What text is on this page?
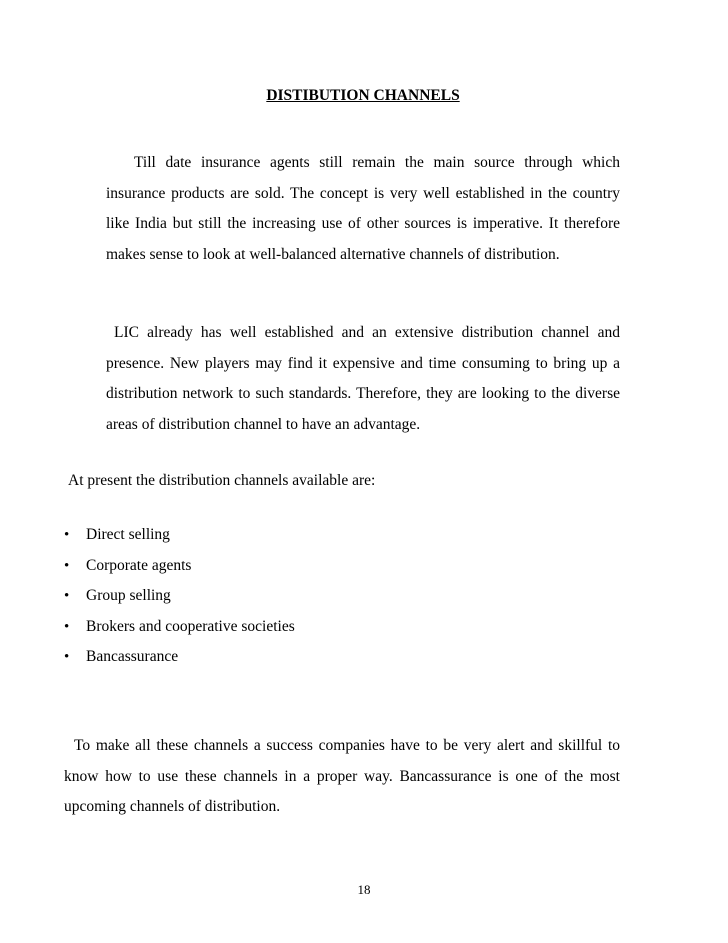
DISTIBUTION CHANNELS

Till date insurance agents still remain the main source through which insurance products are sold. The concept is very well established in the country like India but still the increasing use of other sources is imperative. It therefore makes sense to look at well-balanced alternative channels of distribution.

LIC already has well established and an extensive distribution channel and presence. New players may find it expensive and time consuming to bring up a distribution network to such standards. Therefore, they are looking to the diverse areas of distribution channel to have an advantage.

At present the distribution channels available are:

• Direct selling
• Corporate agents
• Group selling
• Brokers and cooperative societies
• Bancassurance

To make all these channels a success companies have to be very alert and skillful to know how to use these channels in a proper way. Bancassurance is one of the most upcoming channels of distribution.

18
